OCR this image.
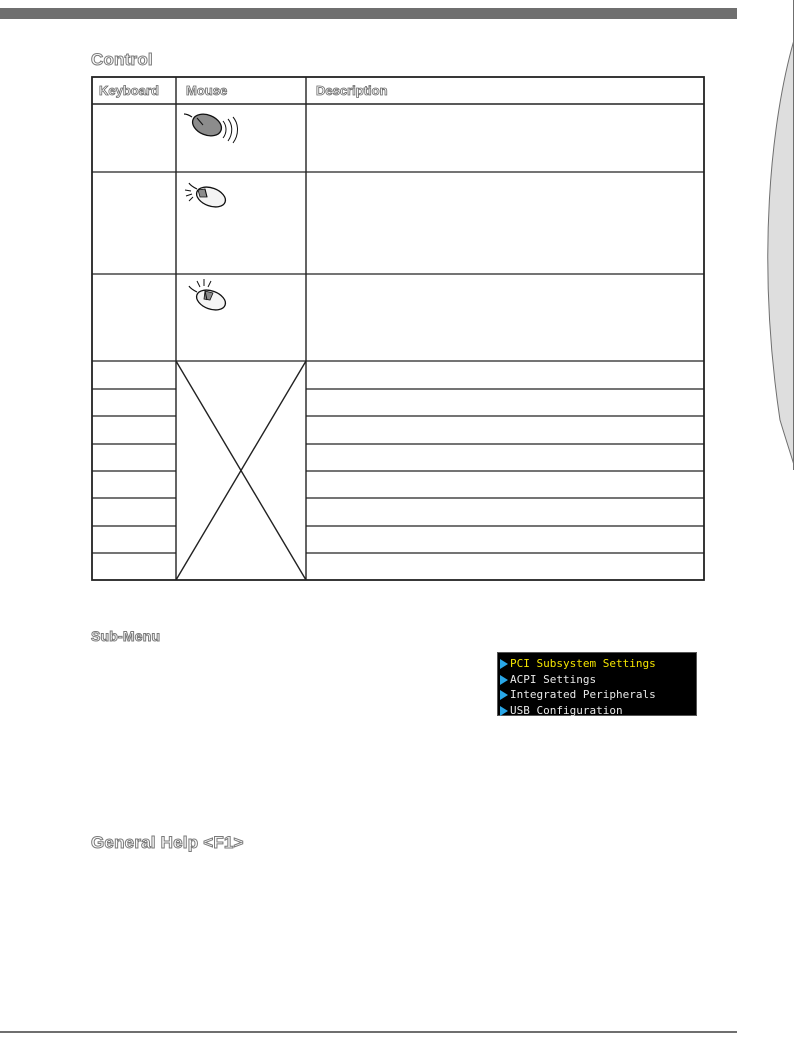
Control
Keyboard Mouse	Description
Sub-Menu
PCI Subsystem Settings
ACPI Settings
Integrated Peripherals
USB Configuration
General Help <F1>
